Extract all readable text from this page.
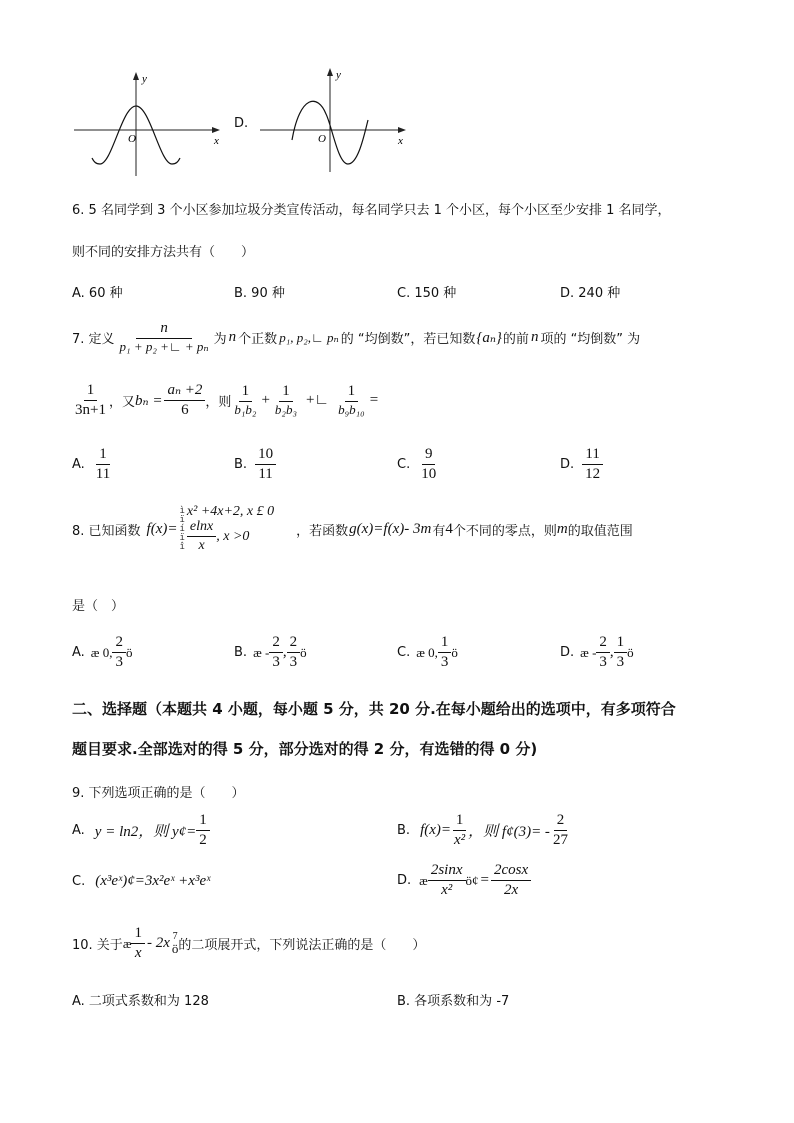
y
x
O
D.
y
x
O
6. 5 名同学到 3 个小区参加垃圾分类宣传活动，每名同学只去 1 个小区，每个小区至少安排 1 名同学，
则不同的安排方法共有（　　）
A. 60 种	B. 90 种	C. 150 种	D. 240 种
7. 定义 $\frac{n}{\text{p₁ + p₂ +∟ + pₙ}}$ 为 n 个正数 p₁, p₂,∟ pₙ 的 “均倒数”，若已知数 {aₙ} 的前 n 项的 “均倒数” 为
$\frac{1}{3n+1}$ ，又 $b_n = \frac{\text{aₙ +2}}{6}$ ，则 $\frac{1}{\text{b₁b₂}} + \frac{1}{\text{b₂b₃}}$ +∟ $\frac{1}{\text{b₉b₁₀}}$ =
A. $\frac{1}{11}$	B. $\frac{10}{11}$	C. $\frac{9}{10}$	D. $\frac{11}{12}$
8. 已知函数 f(x)=
ì
ï
í
ï
î
x² +4x+2, x £ 0
$\frac{elnx}{x}$ , x >0	，若函数 g(x)=f(x)- 3m 有 4 个不同的零点，则 m 的取值范围
是（　）
A. æ 0, $\frac{2}{3}$ ö	B. æ - $\frac{2}{3}$ , $\frac{2}{3}$ ö	C. æ 0, $\frac{1}{3}$ ö	D. æ - $\frac{2}{3}$ , $\frac{1}{3}$ ö
二、选择题（本题共 4 小题，每小题 5 分，共 20 分.在每小题给出的选项中，有多项符合
题目要求.全部选对的得 5 分，部分选对的得 2 分，有选错的得 0 分)
9. 下列选项正确的是（　　）
A. y = ln2，则 y¢= $\frac{1}{2}$	B. $f(x)= \frac{1}{\text{x²}}$ ，则 f¢(3)= - $\frac{2}{27}$
C. (x³eˣ)¢=3x²eˣ +x³eˣ	D. æ $\frac{2\sin x}{\text{x²}}$ ö¢ = $\frac{2\cos x}{2x}$
10. 关于 æ $\frac{1}{x} - 2x$ 7
ö 的二项展开式，下列说法正确的是（　　）
A. 二项式系数和为 128	B. 各项系数和为 -7
